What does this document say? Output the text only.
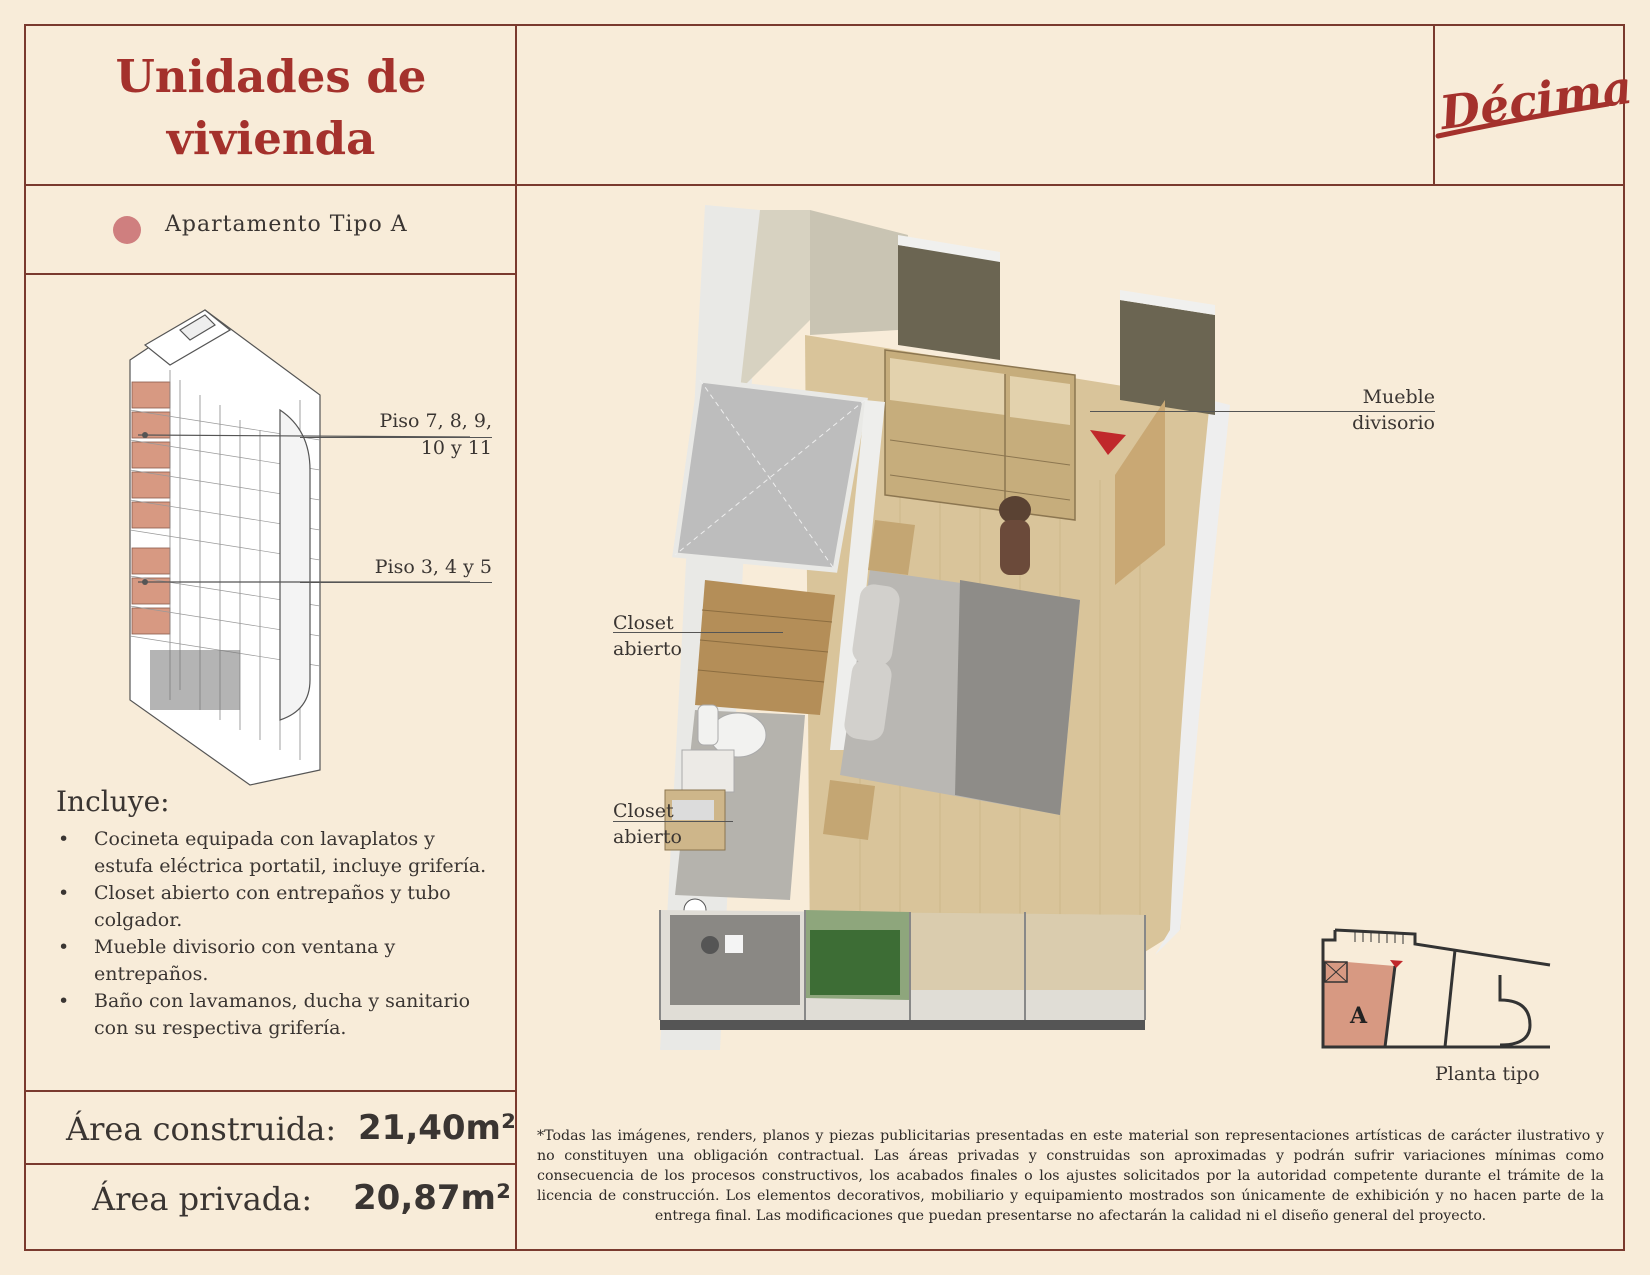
Unidades de
vivienda	Décima
Apartamento Tipo A
Piso 7, 8, 9,
10 y 11
Piso 3, 4 y 5
Incluye:
• Cocineta equipada con lavaplatos y estufa eléctrica portatil, incluye grifería.
• Closet abierto con entrepaños y tubo colgador.
• Mueble divisorio con ventana y entrepaños.
• Baño con lavamanos, ducha y sanitario con su respectiva grifería.
Área construida: 21,40m²
Área privada: 20,87m²
Mueble
divisorio
Closet
abierto
Closet
abierto
A
Planta tipo
*Todas las imágenes, renders, planos y piezas publicitarias presentadas en este material son representaciones artísticas de carácter ilustrativo y no constituyen una obligación contractual. Las áreas privadas y construidas son aproximadas y podrán sufrir variaciones mínimas como consecuencia de los procesos constructivos, los acabados finales o los ajustes solicitados por la autoridad competente durante el trámite de la licencia de construcción. Los elementos decorativos, mobiliario y equipamiento mostrados son únicamente de exhibición y no hacen parte de la entrega final. Las modificaciones que puedan presentarse no afectarán la calidad ni el diseño general del proyecto.
